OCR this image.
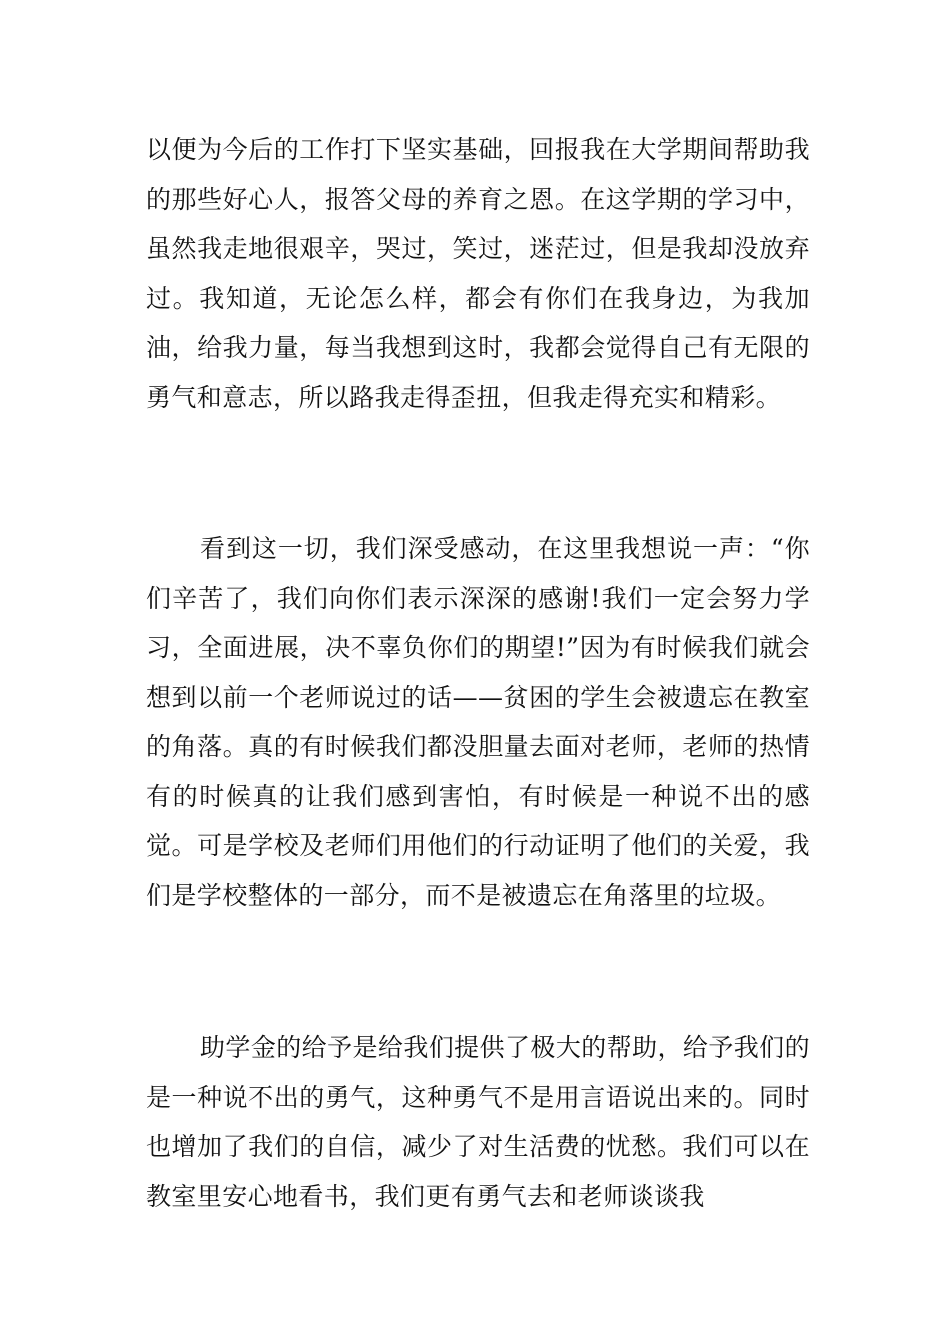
以便为今后的工作打下坚实基础，回报我在大学期间帮助我的那些好心人，报答父母的养育之恩。在这学期的学习中，虽然我走地很艰辛，哭过，笑过，迷茫过，但是我却没放弃过。我知道，无论怎么样，都会有你们在我身边，为我加油，给我力量，每当我想到这时，我都会觉得自己有无限的勇气和意志，所以路我走得歪扭，但我走得充实和精彩。

看到这一切，我们深受感动，在这里我想说一声：“你们辛苦了，我们向你们表示深深的感谢!我们一定会努力学习，全面进展，决不辜负你们的期望!”因为有时候我们就会想到以前一个老师说过的话——贫困的学生会被遗忘在教室的角落。真的有时候我们都没胆量去面对老师，老师的热情有的时候真的让我们感到害怕，有时候是一种说不出的感觉。可是学校及老师们用他们的行动证明了他们的关爱，我们是学校整体的一部分，而不是被遗忘在角落里的垃圾。

助学金的给予是给我们提供了极大的帮助，给予我们的是一种说不出的勇气，这种勇气不是用言语说出来的。同时也增加了我们的自信，减少了对生活费的忧愁。我们可以在教室里安心地看书，我们更有勇气去和老师谈谈我
